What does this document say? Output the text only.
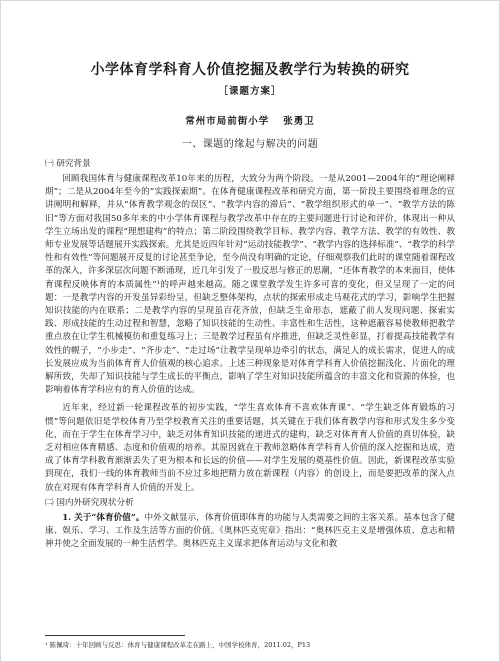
小学体育学科育人价值挖掘及教学行为转换的研究
［课题方案］
常州市局前街小学 张勇卫
一、课题的缘起与解决的问题
㈠ 研究背景

回顾我国体育与健康课程改革10年来的历程，大致分为两个阶段。一是从2001—2004年的“理论阐释期”；二是从2004年至今的“实践探索期”。在体育健康课程改革和研究方面，第一阶段主要围绕着理念的宣讲阐明和解释，并从“体育教学观念的误区”、“教学内容的滞后”、“教学组织形式的单一”、“教学方法的陈旧”等方面对我国50多年来的中小学体育课程与教学改革中存在的主要问题进行讨论和评价，体现出一种从学生立场出发的课程“理想建构”的特点；第二阶段围绕教学目标、教学内容、教学方法、教学的有效性、教师专业发展等话题展开实践探索。尤其是近四年针对“运动技能教学”、“教学内容的选择标准”、“教学的科学性和有效性”等问题展开反复的讨论甚至争论，至今尚没有明确的定论，仔细观察我们此时的课堂随着课程改革的深入，许多深层次问题不断涌现，近几年引发了一股反思与修正的思潮，“还体育教学的本来面目，使体育课程反映体育的本质属性”¹的呼声越来越高。随之课堂教学发生许多可喜的变化，但又呈现了一定的问题：一是教学内容的开发虽异彩纷呈，但缺乏整体架构，点状的探索形成走马观花式的学习，影响学生把握知识技能的内在联系；二是教学内容的呈现虽百花齐放，但缺乏生命形态，遮蔽了前人发现问题、探索实践、形成技能的生动过程和智慧，忽略了知识技能的生动性、丰富性和生活性，这种遮蔽容易使教师把教学重点放在让学生机械模仿和重复练习上；三是教学过程虽有序推进，但缺乏灵性彰显，打着提高技能教学有效性的幌子，“小步走”、“齐步走”、“走过场”让教学呈现单边牵引的状态，满足人的成长需求，促进人的成长发展应成为当前体育育人价值观的核心追求。上述三种现象是对体育学科育人价值挖掘浅化、片面化的理解所致，失却了知识技能与学生成长的平衡点，影响了学生对知识技能所蕴含的丰富文化和资源的体验，也影响着体育学科应有的育人价值的达成。

近年来，经过新一轮课程改革的初步实践，“学生喜欢体育不喜欢体育课”、“学生缺乏体育锻炼的习惯”等问题依旧是学校体育乃至学校教育关注的重要话题，其关键在于我们体育教学内容和形式发生多少变化，而在于学生在体育学习中，缺乏对体育知识技能的递进式的建构，缺乏对体育育人价值的真切体验，缺乏对相应体育精感、态度和价值观的培养。其原因就在于教师忽略体育学科育人价值的深入挖掘和达成，造成了体育学科教育渐渐丢失了更为根本和长远的价值——对学生发展的奠基性价值。因此，新课程改革实验到现在，我们一线的体育教师当前不应过多地把精力放在新课程（内容）的创设上，而是要把改革的深入点放在对现有体育学科育人价值的开发上。

㈡ 国内外研究现状分析

1. 关于“体育价值”。中外文献显示，体育价值即体育的功能与人类需要之间的主客关系。基本包含了健康、娱乐、学习、工作及生活等方面的价值。《奥林匹克宪章》指出：“奥林匹克主义是增强体质、意志和精神并使之全面发展的一种生活哲学。奥林匹克主义谋求把体育运动与文化和教

¹ 陈佩琦：十年回顾与反思：体育与健康课程改革走在路上，中国学校体育，2011.02，P13
